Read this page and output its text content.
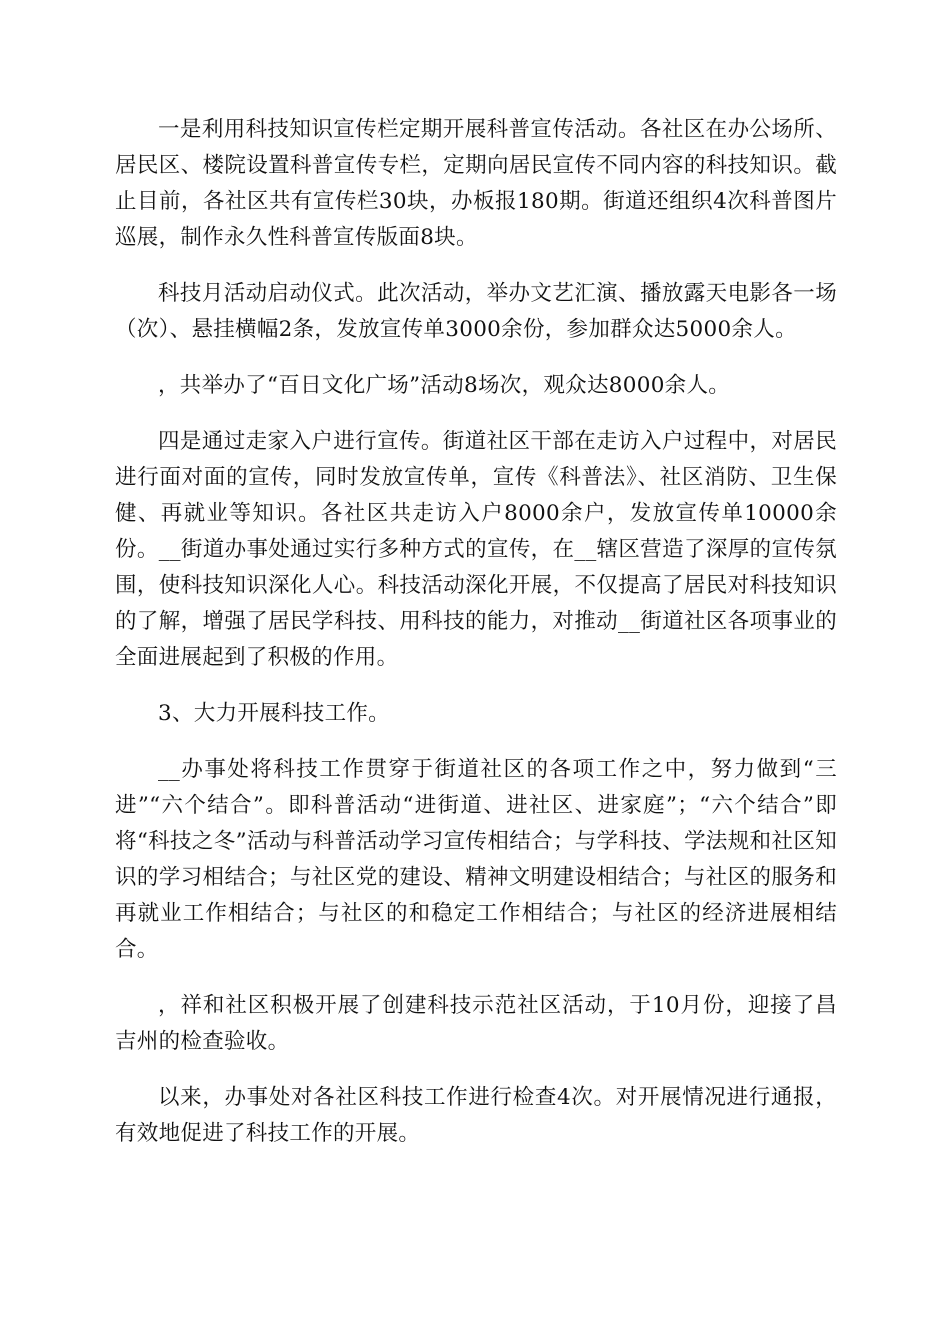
一是利用科技知识宣传栏定期开展科普宣传活动。各社区在办公场所、居民区、楼院设置科普宣传专栏，定期向居民宣传不同内容的科技知识。截止目前，各社区共有宣传栏30块，办板报180期。街道还组织4次科普图片巡展，制作永久性科普宣传版面8块。

科技月活动启动仪式。此次活动，举办文艺汇演、播放露天电影各一场（次）、悬挂横幅2条，发放宣传单3000余份，参加群众达5000余人。

，共举办了“百日文化广场”活动8场次，观众达8000余人。

四是通过走家入户进行宣传。街道社区干部在走访入户过程中，对居民进行面对面的宣传，同时发放宣传单，宣传《科普法》、社区消防、卫生保健、再就业等知识。各社区共走访入户8000余户，发放宣传单10000余份。__街道办事处通过实行多种方式的宣传，在__辖区营造了深厚的宣传氛围，使科技知识深化人心。科技活动深化开展，不仅提高了居民对科技知识的了解，增强了居民学科技、用科技的能力，对推动__街道社区各项事业的全面进展起到了积极的作用。

3、大力开展科技工作。

__办事处将科技工作贯穿于街道社区的各项工作之中，努力做到“三进”“六个结合”。即科普活动“进街道、进社区、进家庭”；“六个结合”即将“科技之冬”活动与科普活动学习宣传相结合；与学科技、学法规和社区知识的学习相结合；与社区党的建设、精神文明建设相结合；与社区的服务和再就业工作相结合；与社区的和稳定工作相结合；与社区的经济进展相结合。

，祥和社区积极开展了创建科技示范社区活动，于10月份，迎接了昌吉州的检查验收。

以来，办事处对各社区科技工作进行检查4次。对开展情况进行通报，有效地促进了科技工作的开展。
